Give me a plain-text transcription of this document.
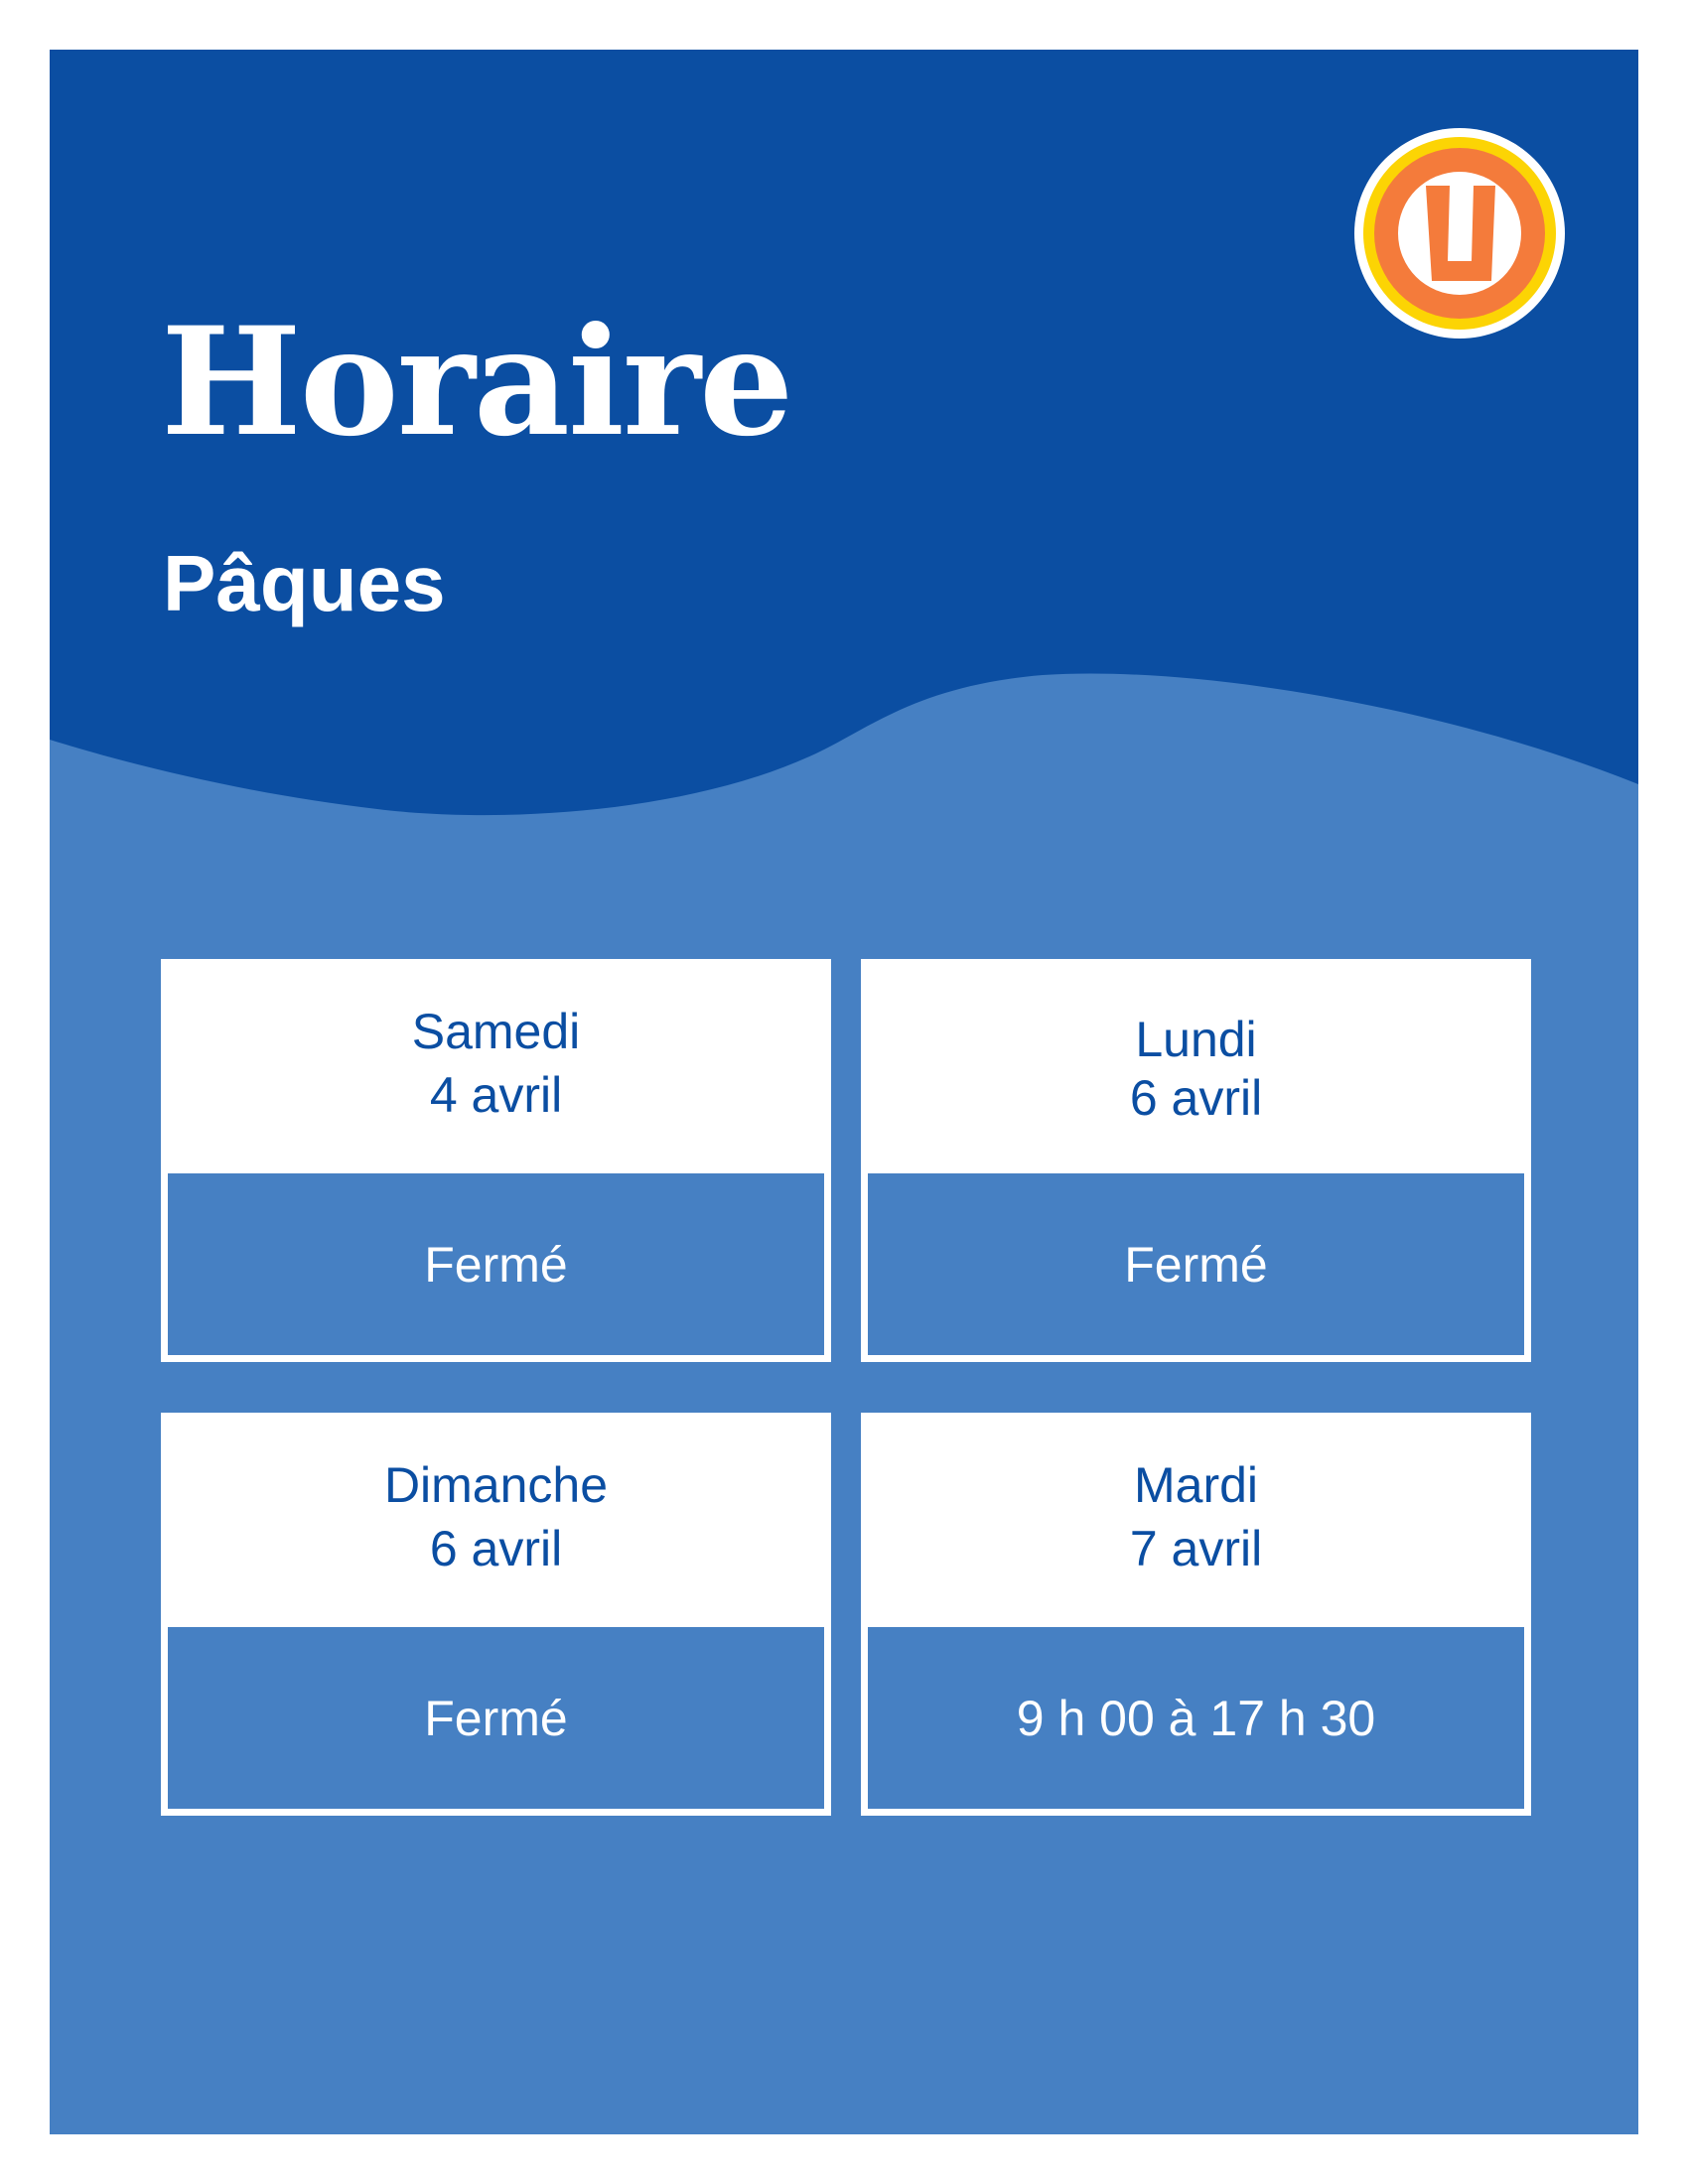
Horaire
Pâques
Samedi
4 avril
Fermé
Lundi
6 avril
Fermé
Dimanche
6 avril
Fermé
Mardi
7 avril
9 h 00 à 17 h 30
